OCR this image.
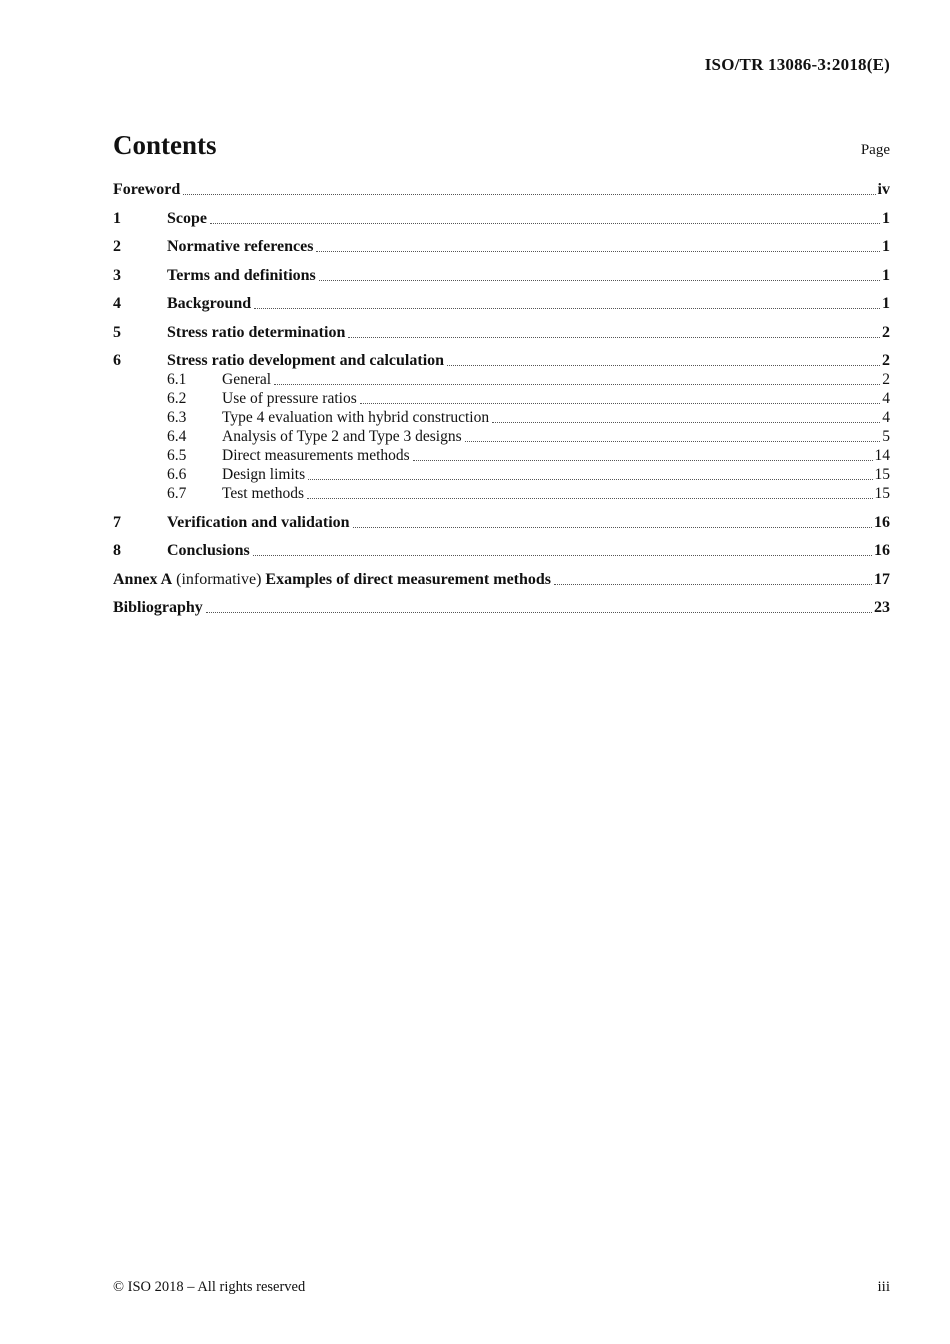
ISO/TR 13086-3:2018(E)
Contents	Page
Foreword	iv
1	Scope	1
2	Normative references	1
3	Terms and definitions	1
4	Background	1
5	Stress ratio determination	2
6	Stress ratio development and calculation	2
6.1	General	2
6.2	Use of pressure ratios	4
6.3	Type 4 evaluation with hybrid construction	4
6.4	Analysis of Type 2 and Type 3 designs	5
6.5	Direct measurements methods	14
6.6	Design limits	15
6.7	Test methods	15
7	Verification and validation	16
8	Conclusions	16
Annex A (informative) Examples of direct measurement methods	17
Bibliography	23
© ISO 2018 – All rights reserved	iii
